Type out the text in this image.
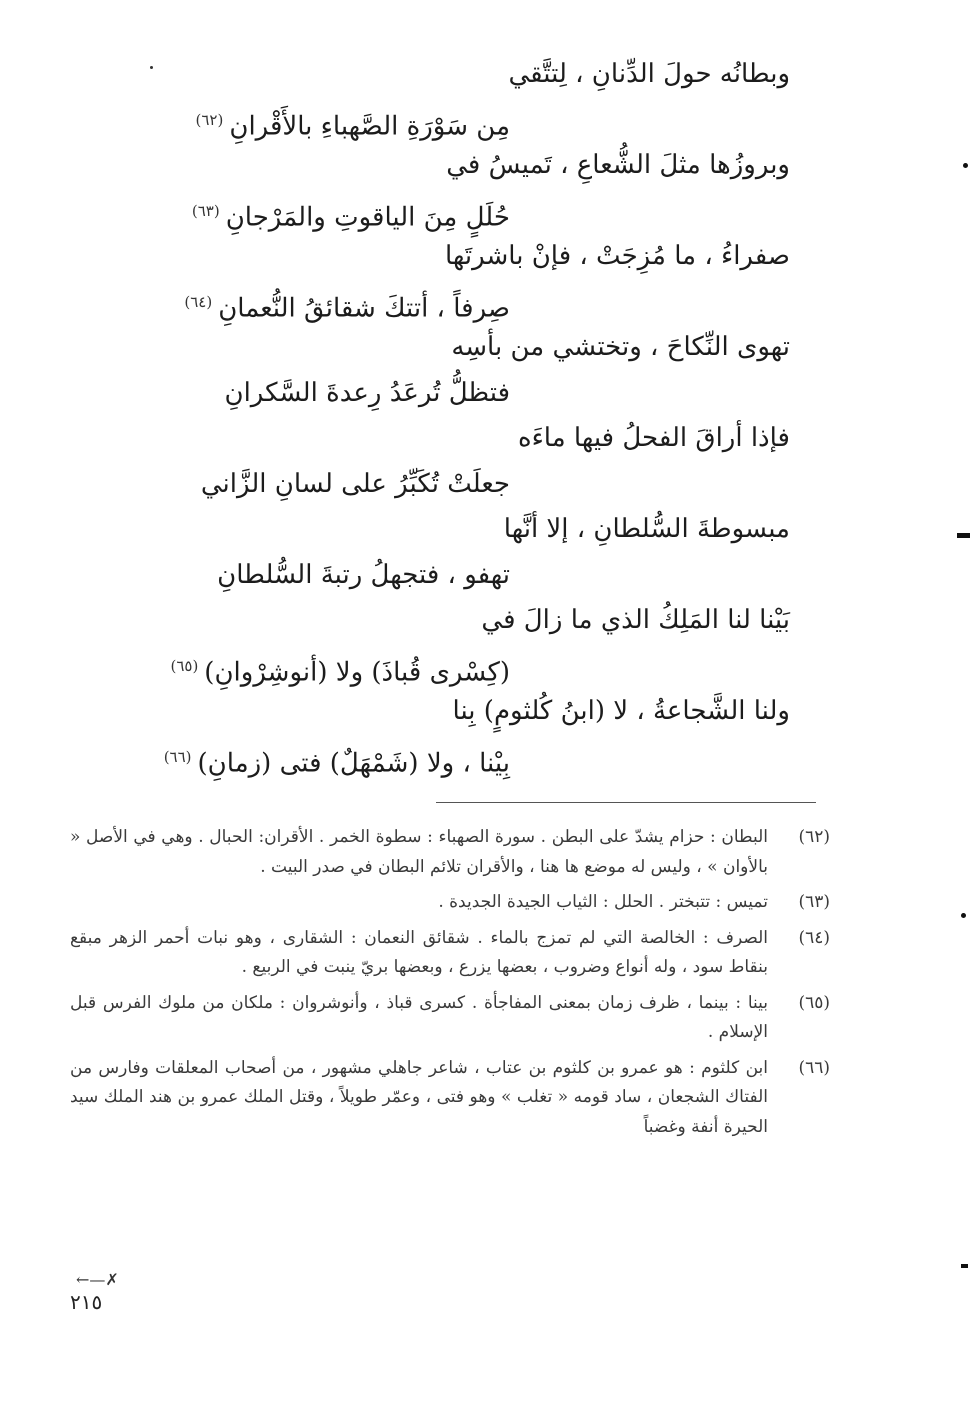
وبطانُه حولَ الدِّنانِ ، لِتتَّقي
مِن سَوْرَةِ الصَّهباءِ بالأَقْرانِ$^{(٦٢)}$
وبروزُها مثلَ الشُّعاعِ ، تَميسُ في
حُلَلٍ مِنَ الياقوتِ والمَرْجانِ$^{(٦٣)}$
صفراءُ ، ما مُزِجَتْ ، فإنْ باشرتَها
صِرفاً ، أتتكَ شقائقُ النُّعمانِ$^{(٦٤)}$
تهوى النِّكاحَ ، وتختشي من بأسِه
فتظلُّ تُرعَدُ رِعدةَ السَّكرانِ
فإذا أراقَ الفحلُ فيها ماءَه
جعلَتْ تُكَبِّرُ على لسانِ الزَّاني
مبسوطةَ السُّلطانِ ، إلا أنَّها
تهفو ، فتجهلُ رتبةَ السُّلطانِ
بَيْنا لنا المَلِكُ الذي ما زالَ في
(كِسْرى قُباذَ) ولا (أنوشِرْوانِ)$^{(٦٥)}$
ولنا الشَّجاعةُ ، لا (ابنُ كُلثومٍ) بِنا
بِيْنا ، ولا (شَمْهَلٌ) فتى (زمانِ)$^{(٦٦)}$
(٦٢)
البطان : حزام يشدّ على البطن . سورة الصهباء : سطوة الخمر . الأقران: الحبال . وهي في الأصل « بالأوان » ، وليس له موضع ها هنا ، والأقران تلائم البطان في صدر البيت .
(٦٣)
تميس : تتبختر . الحلل : الثياب الجيدة الجديدة .
(٦٤)
الصرف : الخالصة التي لم تمزج بالماء . شقائق النعمان : الشقارى ، وهو نبات أحمر الزهر مبقع بنقاط سود ، وله أنواع وضروب ، بعضها يزرع ، وبعضها بريّ ينبت في الربيع .
(٦٥)
بينا : بينما ، ظرف زمان بمعنى المفاجأة . كسرى قباذ ، وأنوشروان : ملكان من ملوك الفرس قبل الإسلام .
(٦٦)
ابن كلثوم : هو عمرو بن كلثوم بن عتاب ، شاعر جاهلي مشهور ، من أصحاب المعلقات وفارس من الفتاك الشجعان ، ساد قومه « تغلب » وهو فتى ، وعمّر طويلاً ، وقتل الملك عمرو بن هند الملك سيد الحيرة أنفة وغضباً
←—✗
٢١٥
